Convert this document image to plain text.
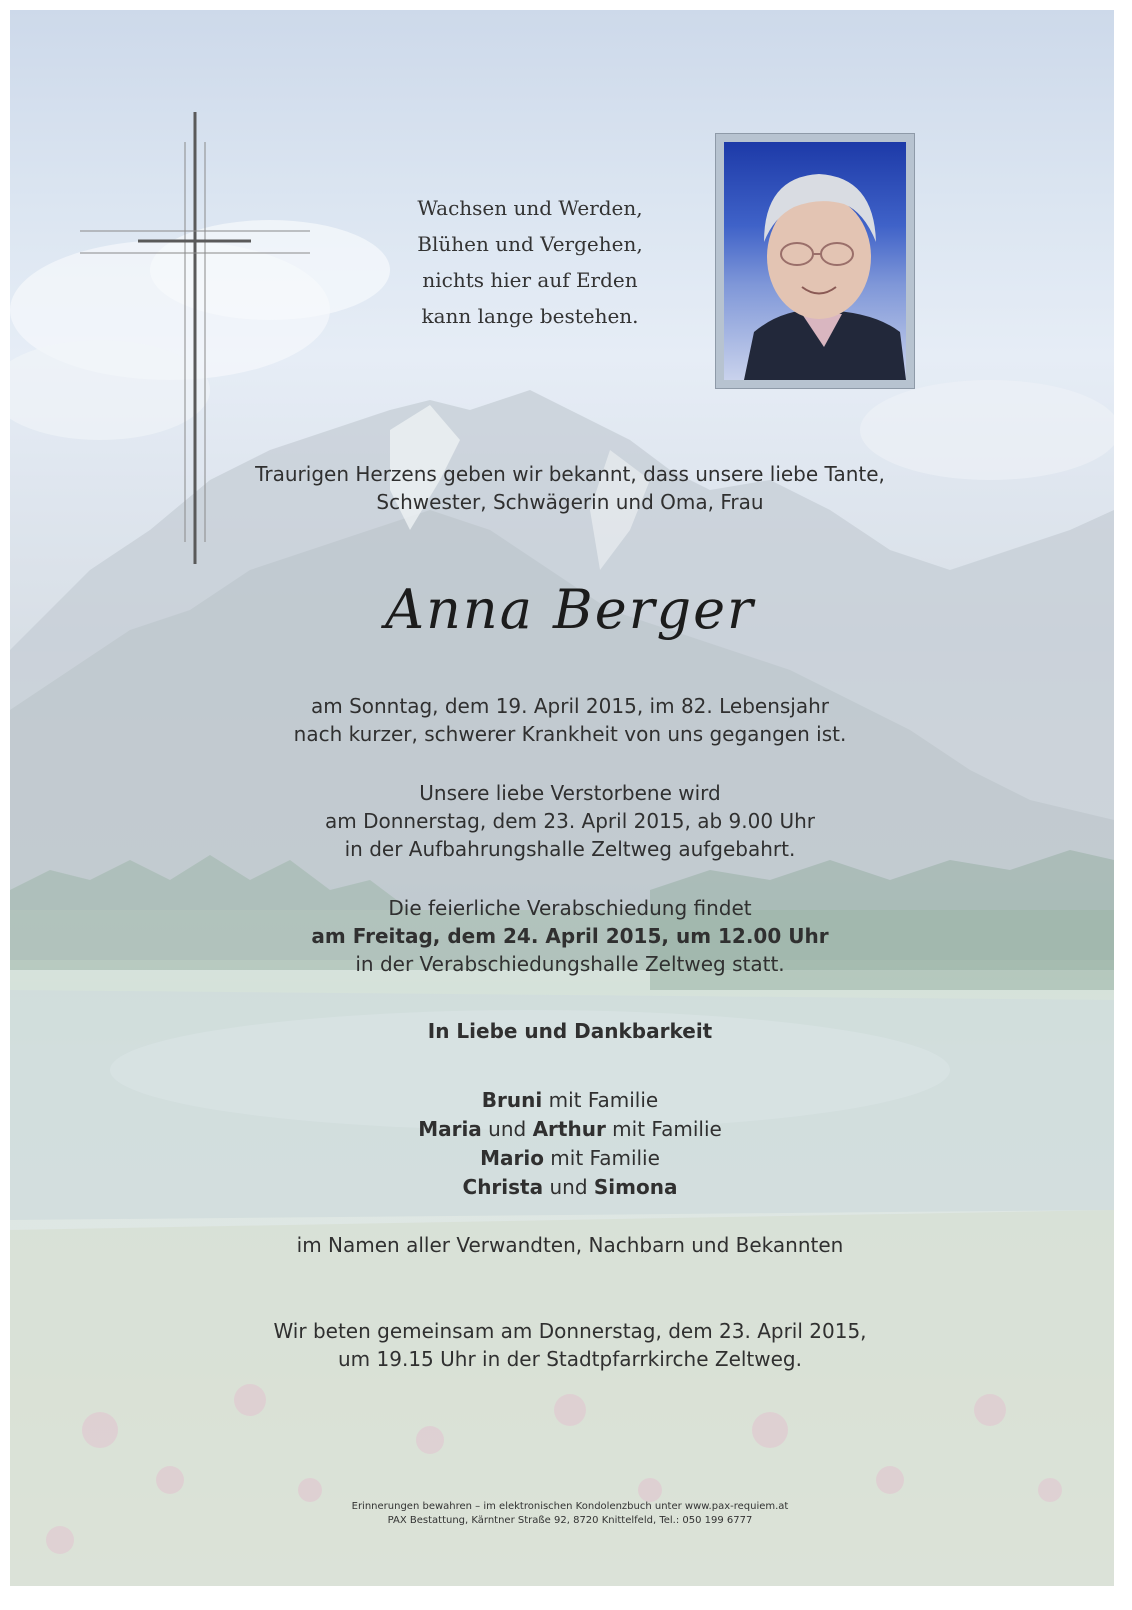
Wachsen und Werden,
Blühen und Vergehen,
nichts hier auf Erden
kann lange bestehen.
Traurigen Herzens geben wir bekannt, dass unsere liebe Tante,
Schwester, Schwägerin und Oma, Frau
Anna Berger
am Sonntag, dem 19. April 2015, im 82. Lebensjahr
nach kurzer, schwerer Krankheit von uns gegangen ist.
Unsere liebe Verstorbene wird
am Donnerstag, dem 23. April 2015, ab 9.00 Uhr
in der Aufbahrungshalle Zeltweg aufgebahrt.
Die feierliche Verabschiedung findet
am Freitag, dem 24. April 2015, um 12.00 Uhr
in der Verabschiedungshalle Zeltweg statt.
In Liebe und Dankbarkeit
Bruni mit Familie
Maria und Arthur mit Familie
Mario mit Familie
Christa und Simona
im Namen aller Verwandten, Nachbarn und Bekannten
Wir beten gemeinsam am Donnerstag, dem 23. April 2015,
um 19.15 Uhr in der Stadtpfarrkirche Zeltweg.
Erinnerungen bewahren – im elektronischen Kondolenzbuch unter www.pax-requiem.at
PAX Bestattung, Kärntner Straße 92, 8720 Knittelfeld, Tel.: 050 199 6777
